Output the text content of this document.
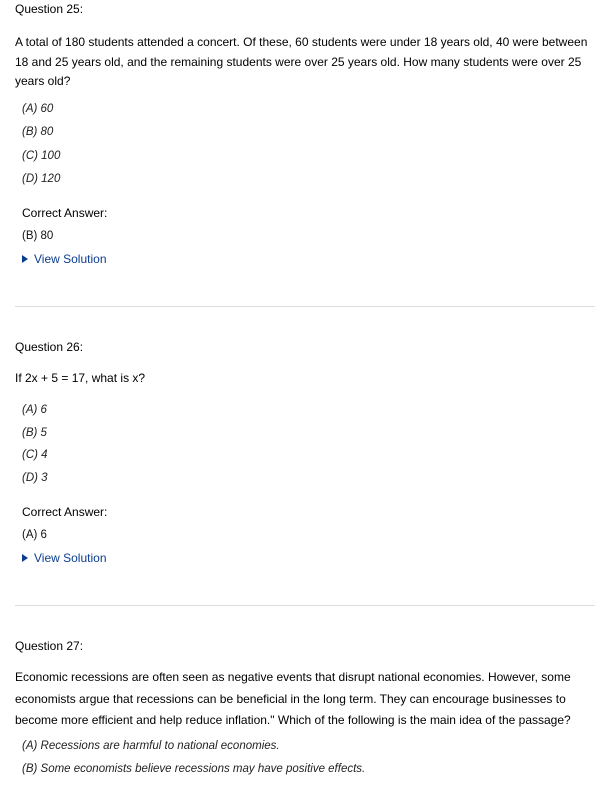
Question 25:
A total of 180 students attended a concert. Of these, 60 students were under 18 years old, 40 were between
18 and 25 years old, and the remaining students were over 25 years old. How many students were over 25
years old?
(A) 60
(B) 80
(C) 100
(D) 120
Correct Answer:
(B) 80
View Solution
Question 26:
If 2x + 5 = 17, what is x?
(A) 6
(B) 5
(C) 4
(D) 3
Correct Answer:
(A) 6
View Solution
Question 27:
Economic recessions are often seen as negative events that disrupt national economies. However, some
economists argue that recessions can be beneficial in the long term. They can encourage businesses to
become more efficient and help reduce inflation." Which of the following is the main idea of the passage?
(A) Recessions are harmful to national economies.
(B) Some economists believe recessions may have positive effects.
